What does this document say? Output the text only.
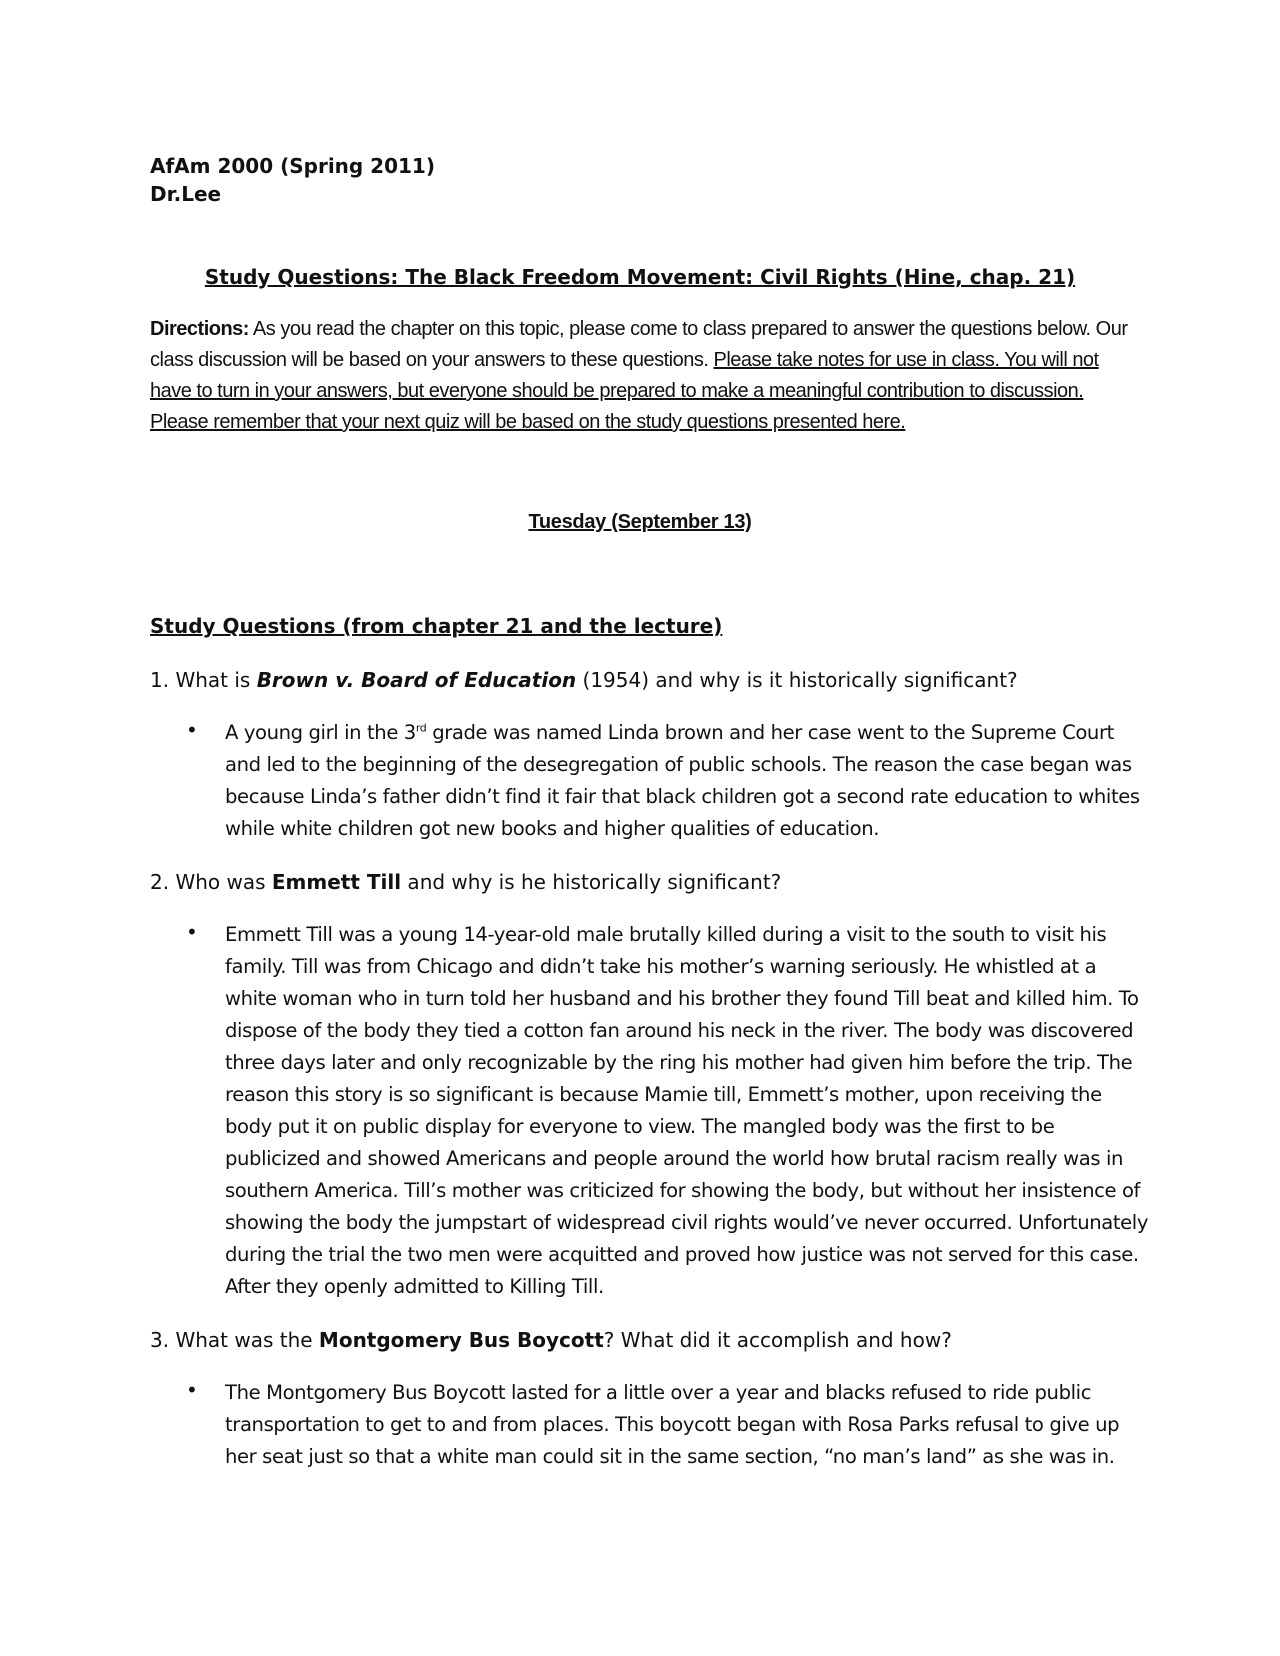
AfAm 2000 (Spring 2011)
Dr.Lee
Study Questions: The Black Freedom Movement: Civil Rights (Hine, chap. 21)
Directions: As you read the chapter on this topic, please come to class prepared to answer the questions below. Our class discussion will be based on your answers to these questions. Please take notes for use in class. You will not have to turn in your answers, but everyone should be prepared to make a meaningful contribution to discussion. Please remember that your next quiz will be based on the study questions presented here.
Tuesday (September 13)
Study Questions (from chapter 21 and the lecture)
1. What is Brown v. Board of Education (1954) and why is it historically significant?
• A young girl in the 3rd grade was named Linda brown and her case went to the Supreme Court and led to the beginning of the desegregation of public schools. The reason the case began was because Linda’s father didn’t find it fair that black children got a second rate education to whites while white children got new books and higher qualities of education.
2. Who was Emmett Till and why is he historically significant?
• Emmett Till was a young 14-year-old male brutally killed during a visit to the south to visit his family. Till was from Chicago and didn’t take his mother’s warning seriously. He whistled at a white woman who in turn told her husband and his brother they found Till beat and killed him. To dispose of the body they tied a cotton fan around his neck in the river. The body was discovered three days later and only recognizable by the ring his mother had given him before the trip. The reason this story is so significant is because Mamie till, Emmett’s mother, upon receiving the body put it on public display for everyone to view. The mangled body was the first to be publicized and showed Americans and people around the world how brutal racism really was in southern America. Till’s mother was criticized for showing the body, but without her insistence of showing the body the jumpstart of widespread civil rights would’ve never occurred. Unfortunately during the trial the two men were acquitted and proved how justice was not served for this case. After they openly admitted to Killing Till.
3. What was the Montgomery Bus Boycott? What did it accomplish and how?
• The Montgomery Bus Boycott lasted for a little over a year and blacks refused to ride public transportation to get to and from places. This boycott began with Rosa Parks refusal to give up her seat just so that a white man could sit in the same section, “no man’s land” as she was in.
